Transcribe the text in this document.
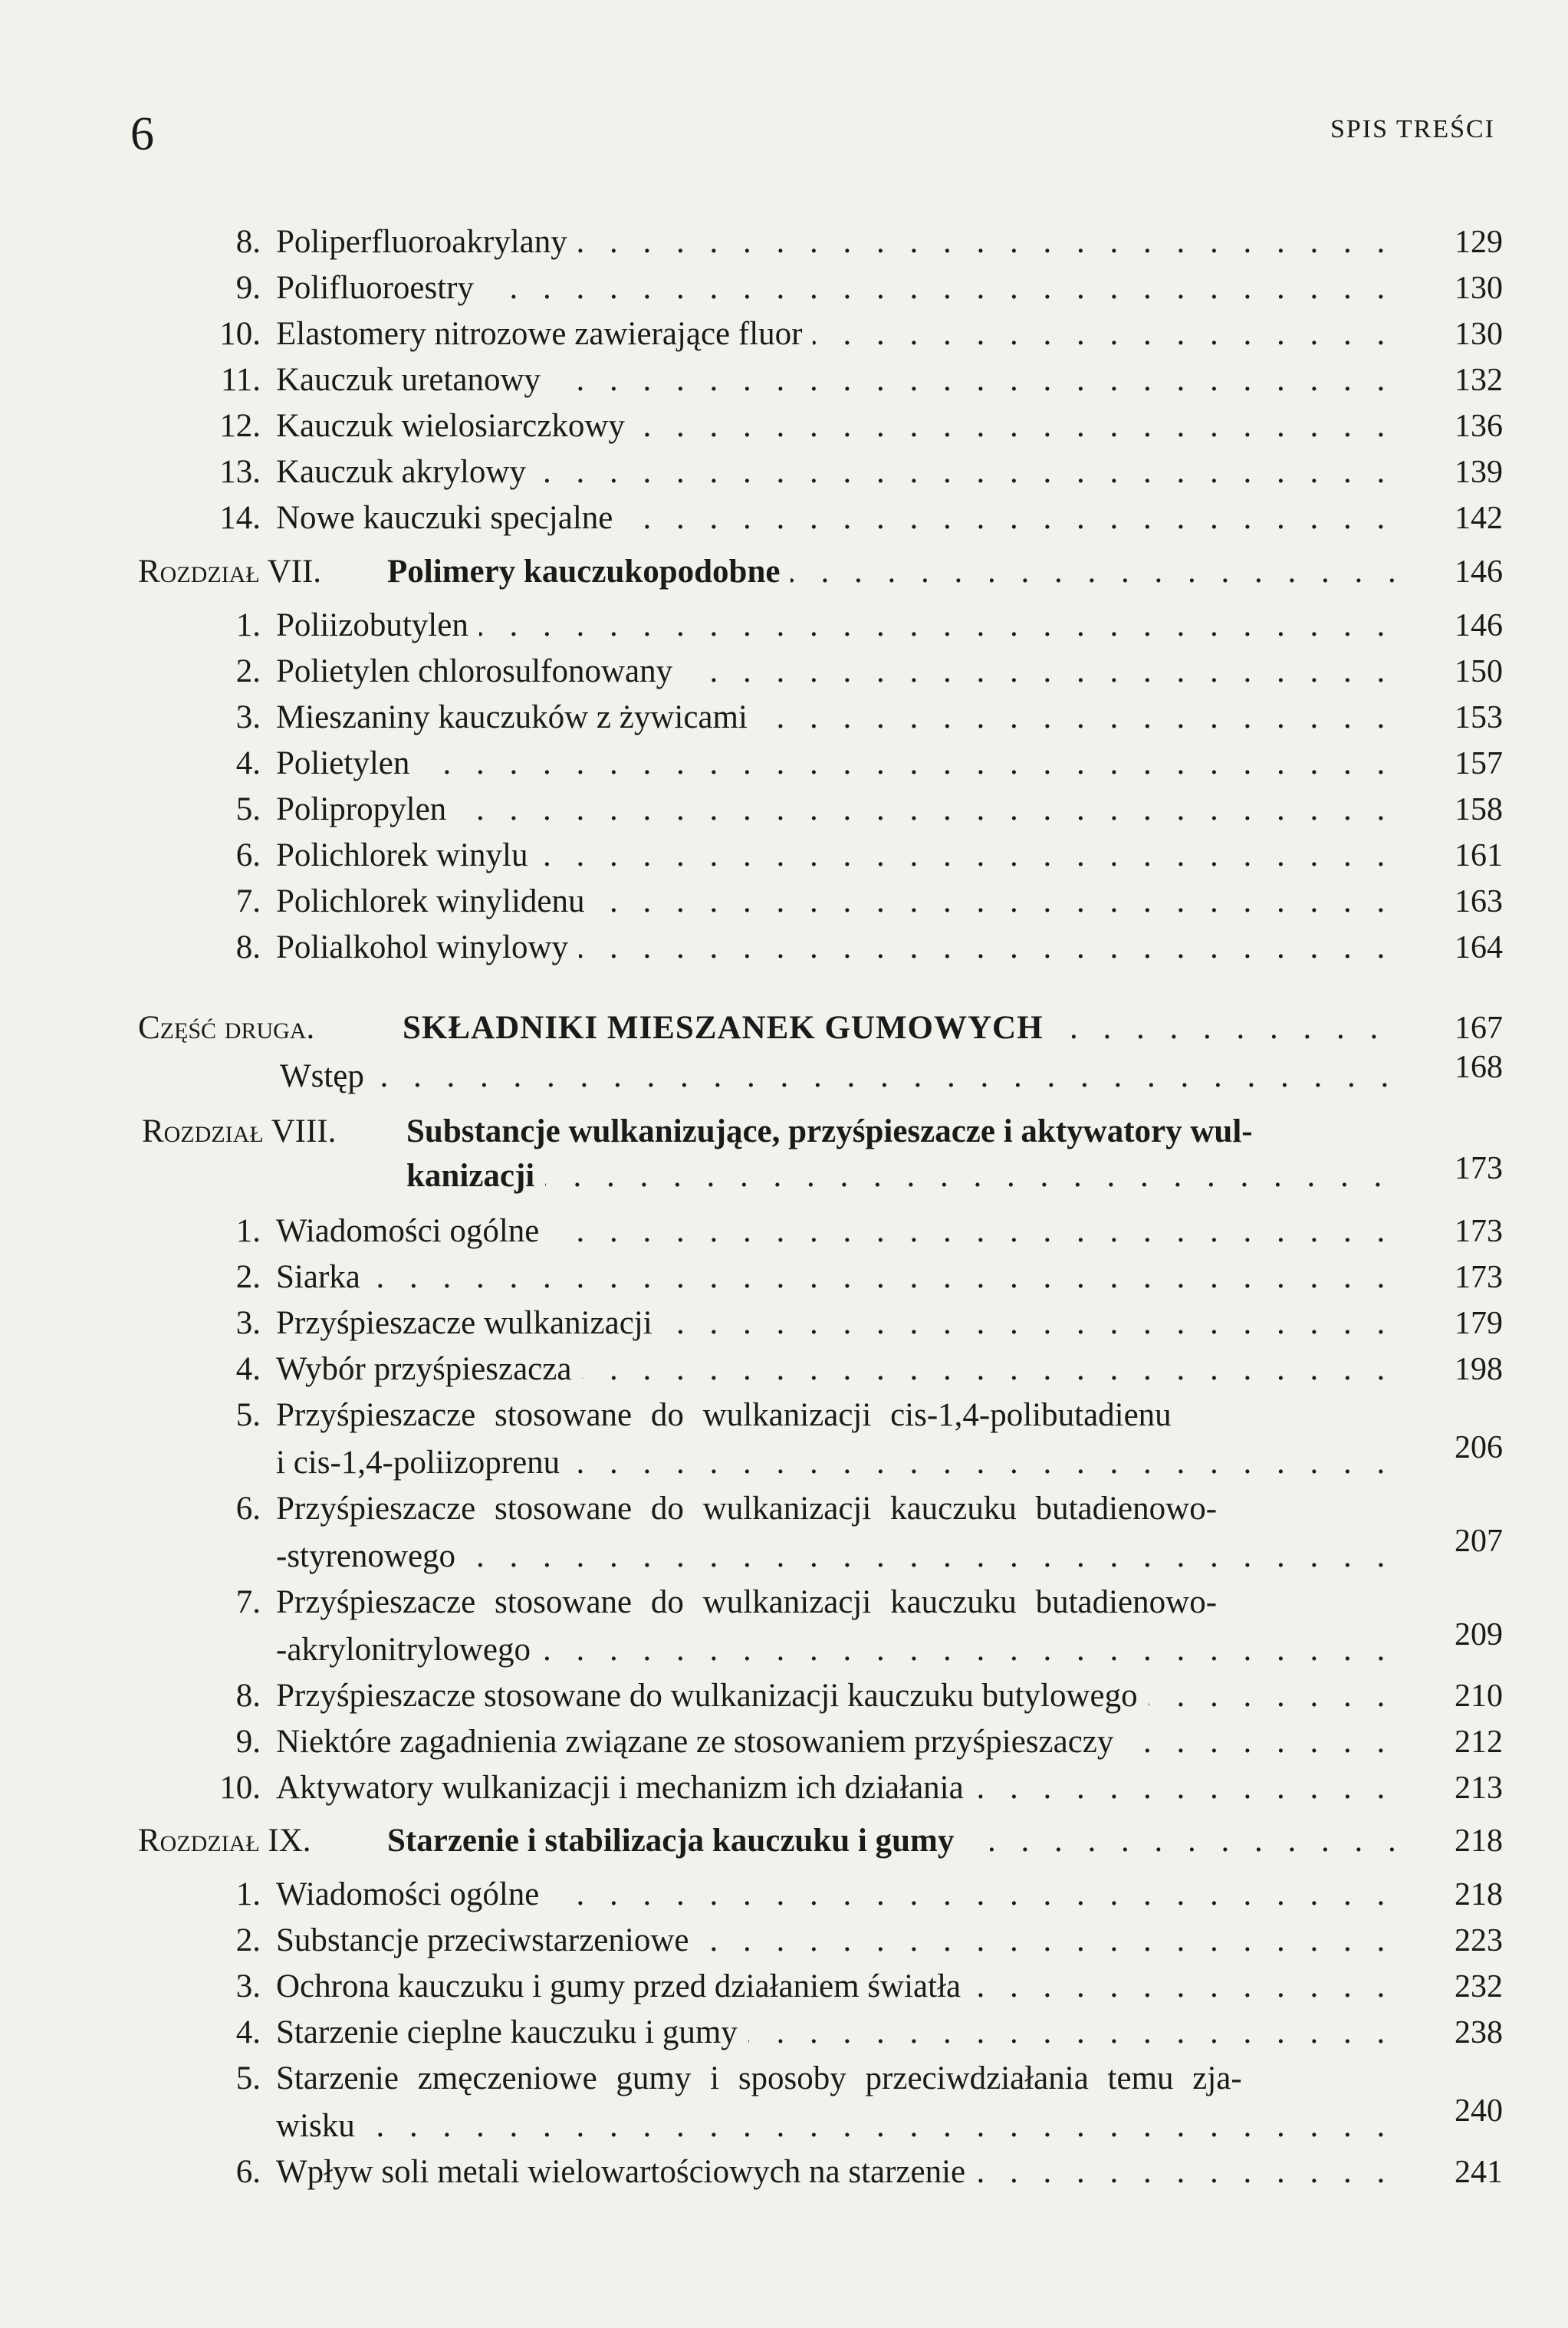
6	SPIS TREŚCI
8. Poliperfluoroakrylany . . .	129
9. Polifluoroestry . . .	130
10. Elastomery nitrozowe zawierające fluor . . .	130
11. Kauczuk uretanowy . . .	132
12. Kauczuk wielosiarczkowy . . .	136
13. Kauczuk akrylowy . . .	139
14. Nowe kauczuki specjalne . . .	142
Rozdział VII. Polimery kauczukopodobne . . .	146
1. Poliizobutylen . . .	146
2. Polietylen chlorosulfonowany . . .	150
3. Mieszaniny kauczuków z żywicami . . .	153
4. Polietylen . . .	157
5. Polipropylen . . .	158
6. Polichlorek winylu . . .	161
7. Polichlorek winylidenu . . .	163
8. Polialkohol winylowy . . .	164
Część druga.	SKŁADNIKI MIESZANEK GUMOWYCH . . .	167
Wstęp . . .	168
Rozdział VIII. Substancje wulkanizujące, przyśpieszacze i aktywatory wul-
kanizacji . . .	173
1. Wiadomości ogólne . . .	173
2. Siarka . . .	173
3. Przyśpieszacze wulkanizacji . . .	179
4. Wybór przyśpieszacza . . .	198
5. Przyśpieszacze stosowane do wulkanizacji cis-1,4-polibutadienu
i cis-1,4-poliizoprenu . . .	206
6. Przyśpieszacze stosowane do wulkanizacji kauczuku butadienowo-
-styrenowego . . .	207
7. Przyśpieszacze stosowane do wulkanizacji kauczuku butadienowo-
-akrylonitrylowego . . .	209
8. Przyśpieszacze stosowane do wulkanizacji kauczuku butylowego . . .	210
9. Niektóre zagadnienia związane ze stosowaniem przyśpieszaczy . . .	212
10. Aktywatory wulkanizacji i mechanizm ich działania . . .	213
Rozdział IX. Starzenie i stabilizacja kauczuku i gumy . . .	218
1. Wiadomości ogólne . . .	218
2. Substancje przeciwstarzeniowe . . .	223
3. Ochrona kauczuku i gumy przed działaniem światła . . .	232
4. Starzenie cieplne kauczuku i gumy . . .	238
5. Starzenie zmęczeniowe gumy i sposoby przeciwdziałania temu zja-
wisku . . .	240
6. Wpływ soli metali wielowartościowych na starzenie . . .	241
